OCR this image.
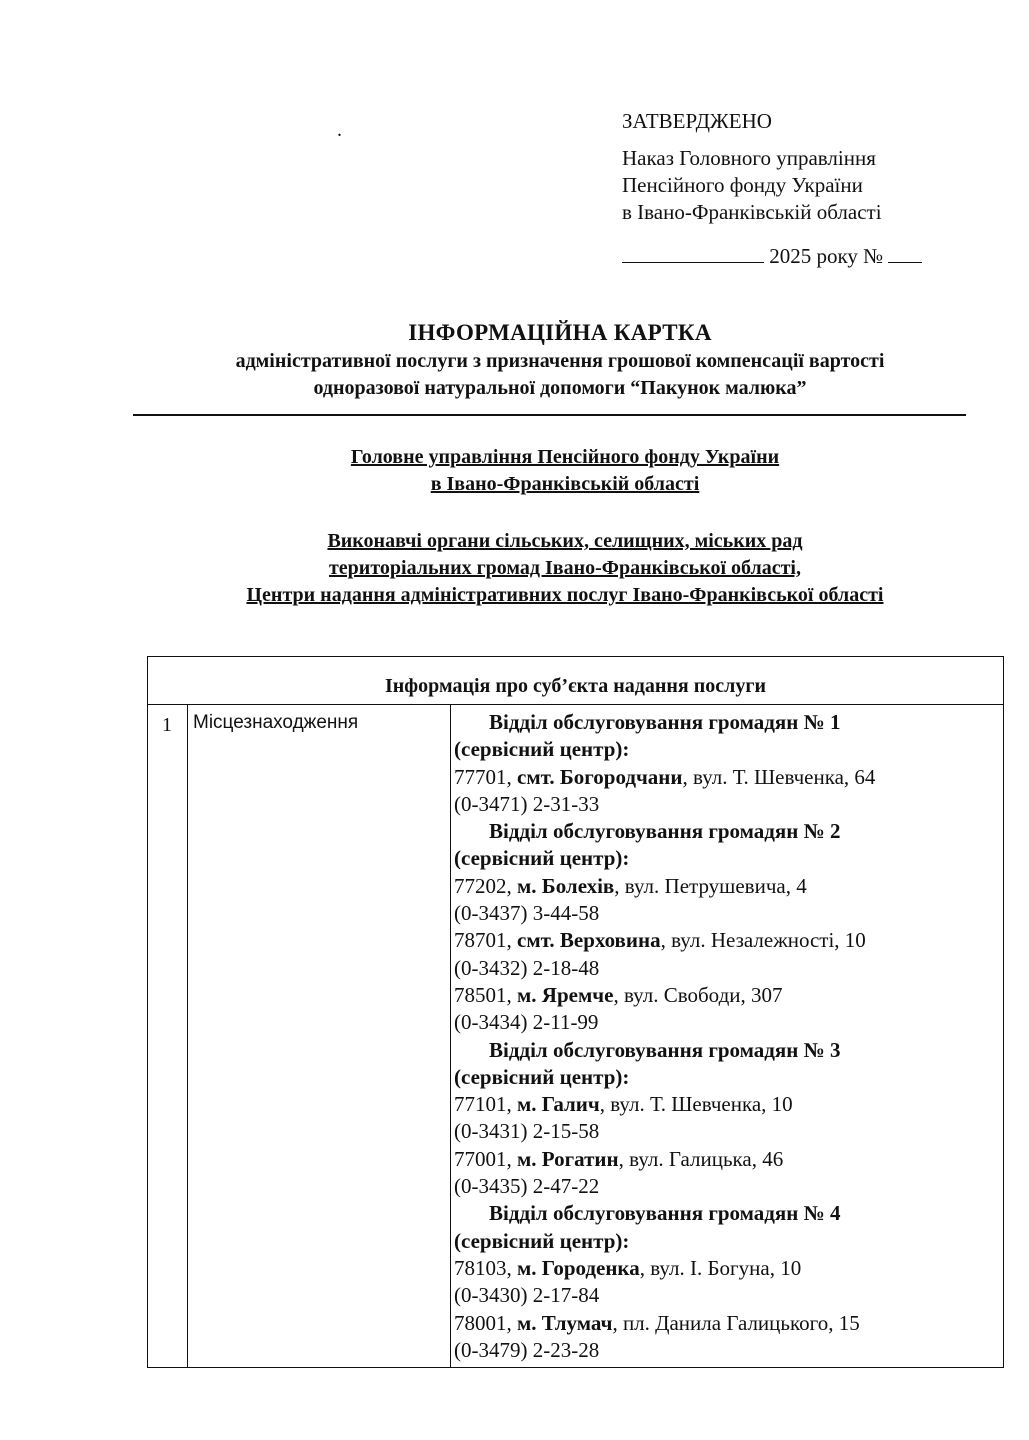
.	ЗАТВЕРДЖЕНО
Наказ Головного управління
Пенсійного фонду України
в Івано-Франківській області
2025 року №
ІНФОРМАЦІЙНА КАРТКА
адміністративної послуги з призначення грошової компенсації вартості
одноразової натуральної допомоги “Пакунок малюка”
Головне управління Пенсійного фонду України
в Івано-Франківській області
Виконавчі органи сільських, селищних, міських рад
територіальних громад Івано-Франківської області,
Центри надання адміністративних послуг Івано-Франківської області
Інформація про суб’єкта надання послуги
1 Місцезнаходження	Відділ обслуговування громадян № 1
(сервісний центр):
77701, смт. Богородчани, вул. Т. Шевченка, 64
(0-3471) 2-31-33
Відділ обслуговування громадян № 2
(сервісний центр):
77202, м. Болехів, вул. Петрушевича, 4
(0-3437) 3-44-58
78701, смт. Верховина, вул. Незалежності, 10
(0-3432) 2-18-48
78501, м. Яремче, вул. Свободи, 307
(0-3434) 2-11-99
Відділ обслуговування громадян № 3
(сервісний центр):
77101, м. Галич, вул. Т. Шевченка, 10
(0-3431) 2-15-58
77001, м. Рогатин, вул. Галицька, 46
(0-3435) 2-47-22
Відділ обслуговування громадян № 4
(сервісний центр):
78103, м. Городенка, вул. І. Богуна, 10
(0-3430) 2-17-84
78001, м. Тлумач, пл. Данила Галицького, 15
(0-3479) 2-23-28
